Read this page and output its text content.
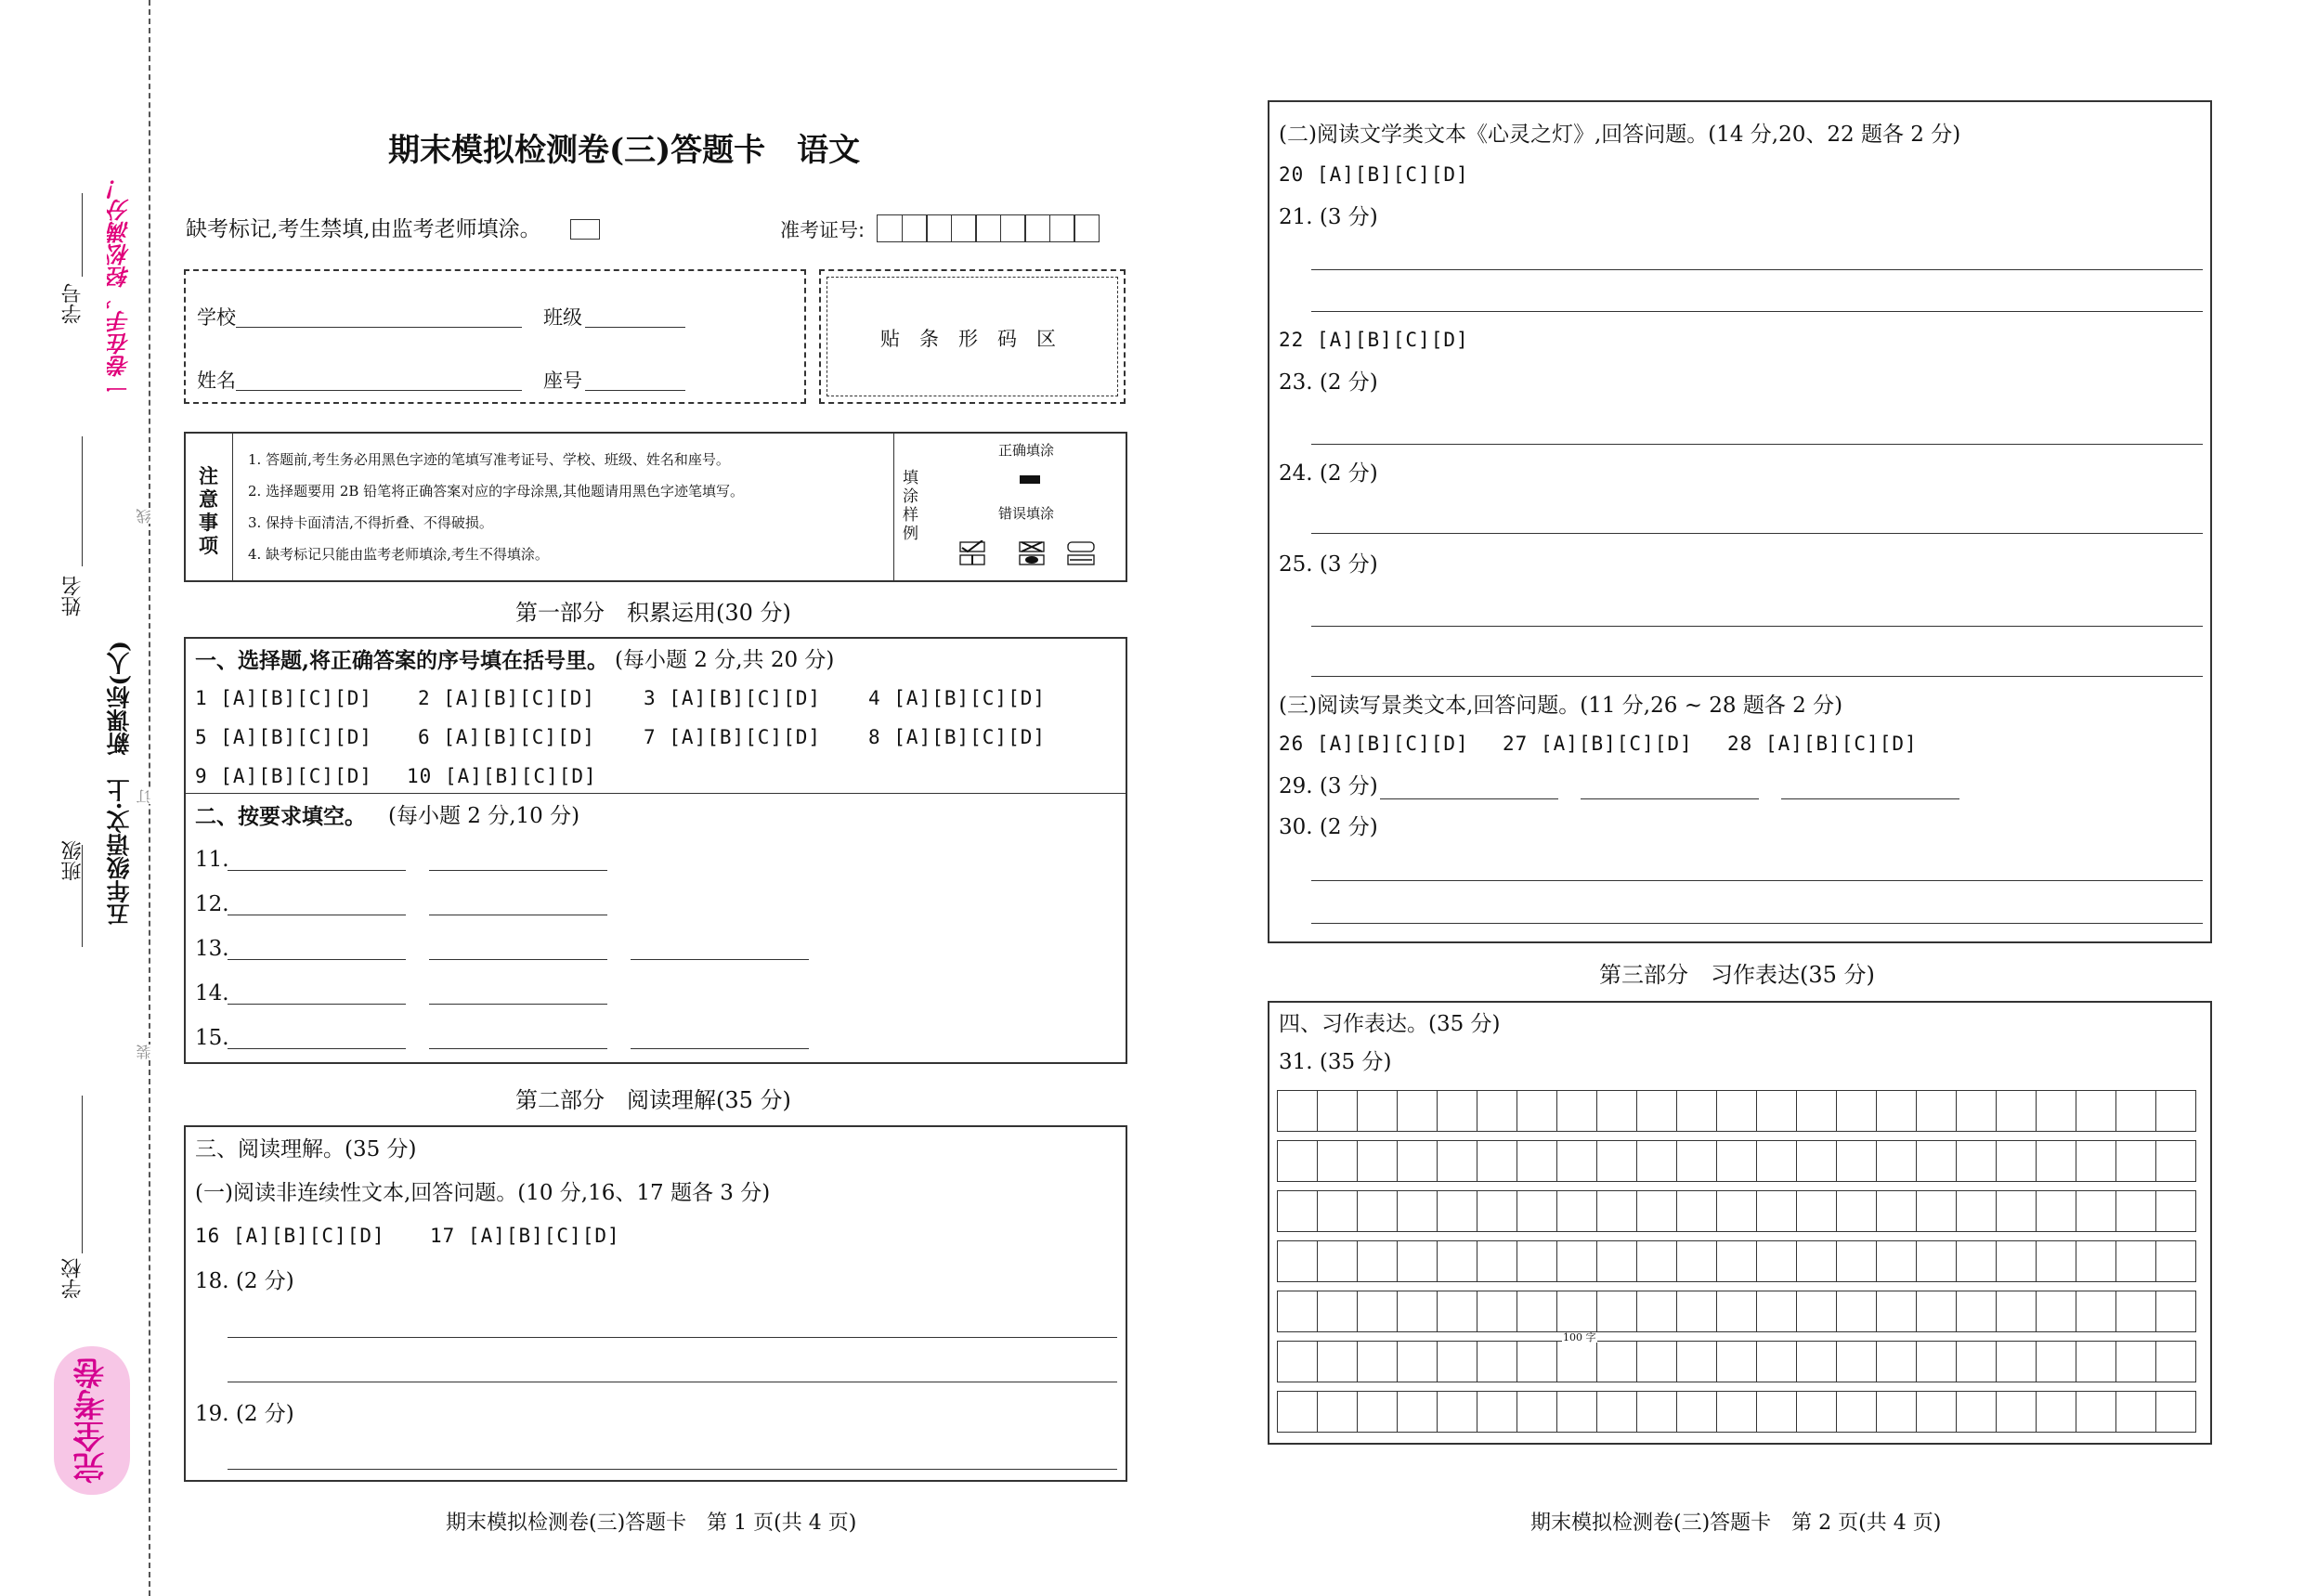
线
订
装
学号
姓名
班级
学校
一卷在手，轻松满分！
五年级语文·上　新课标(人)
完全考卷
期末模拟检测卷(三)答题卡　语文
缺考标记,考生禁填,由监考老师填涂。	准考证号:
学校	班级
姓名	座号
贴　条　形　码　区
注意事项
1. 答题前,考生务必用黑色字迹的笔填写准考证号、学校、班级、姓名和座号。
2. 选择题要用 2B 铅笔将正确答案对应的字母涂黑,其他题请用黑色字迹笔填写。
3. 保持卡面清洁,不得折叠、不得破损。
4. 缺考标记只能由监考老师填涂,考生不得填涂。
填涂样例
正确填涂
错误填涂
第一部分　积累运用(30 分)
一、选择题,将正确答案的序号填在括号里。 (每小题 2 分,共 20 分)
1 [A][B][C][D] 2 [A][B][C][D] 3 [A][B][C][D] 4 [A][B][C][D]
5 [A][B][C][D] 6 [A][B][C][D] 7 [A][B][C][D] 8 [A][B][C][D]
9 [A][B][C][D] 10 [A][B][C][D]
二、按要求填空。 (每小题 2 分,10 分)
11.
12.
13.
14.
15.
第二部分　阅读理解(35 分)
三、阅读理解。(35 分)
(一)阅读非连续性文本,回答问题。(10 分,16、17 题各 3 分)
16 [A][B][C][D] 17 [A][B][C][D]
18. (2 分)
19. (2 分)
期末模拟检测卷(三)答题卡　第 1 页(共 4 页)
(二)阅读文学类文本《心灵之灯》,回答问题。(14 分,20、22 题各 2 分)
20 [A][B][C][D]
21. (3 分)
22 [A][B][C][D]
23. (2 分)
24. (2 分)
25. (3 分)
(三)阅读写景类文本,回答问题。(11 分,26 ~ 28 题各 2 分)
26 [A][B][C][D] 27 [A][B][C][D] 28 [A][B][C][D]
29. (3 分)
30. (2 分)
第三部分　习作表达(35 分)
四、习作表达。(35 分)
31. (35 分)
100 字
期末模拟检测卷(三)答题卡　第 2 页(共 4 页)
